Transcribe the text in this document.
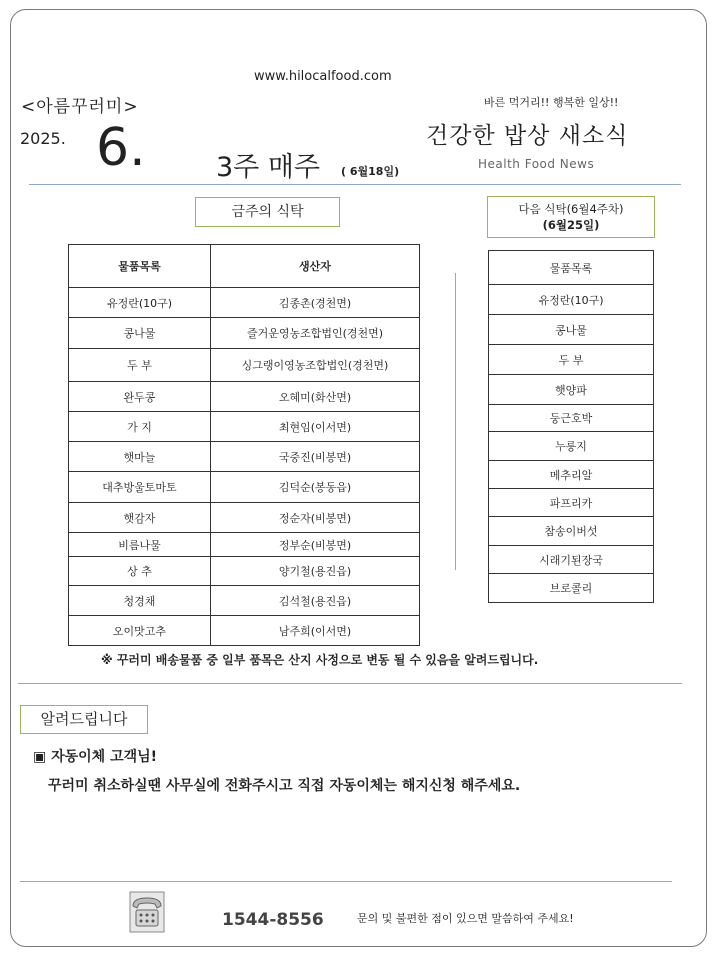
www.hilocalfood.com
<아름꾸러미>
2025. 6.	3주 매주 ( 6월18일)
바른 먹거리!! 행복한 일상!!
건강한 밥상 새소식
Health Food News
금주의 식탁
물품목록	생산자
유정란(10구)	김종촌(경천면)
콩나물	즐거운영농조합법인(경천면)
두 부	싱그랭이영농조합법인(경천면)
완두콩	오혜미(화산면)
가 지	최현임(이서면)
햇마늘	국중진(비봉면)
대추방울토마토	김덕순(봉동읍)
햇감자	정순자(비봉면)
비름나물	정부순(비봉면)
상 추	양기철(용진읍)
청경채	김석철(용진읍)
오이맛고추	남주희(이서면)
다음 식탁(6월4주차)
(6월25일)
물품목록
유정란(10구)
콩나물
두 부
햇양파
둥근호박
누룽지
메추리알
파프리카
참송이버섯
시래기된장국
브로콜리
※ 꾸러미 배송물품 중 일부 품목은 산지 사정으로 변동 될 수 있음을 알려드립니다.
알려드립니다
▣ 자동이체 고객님!
꾸러미 취소하실땐 사무실에 전화주시고 직접 자동이체는 해지신청 해주세요.
1544-8556	문의 및 불편한 점이 있으면 말씀하여 주세요!
